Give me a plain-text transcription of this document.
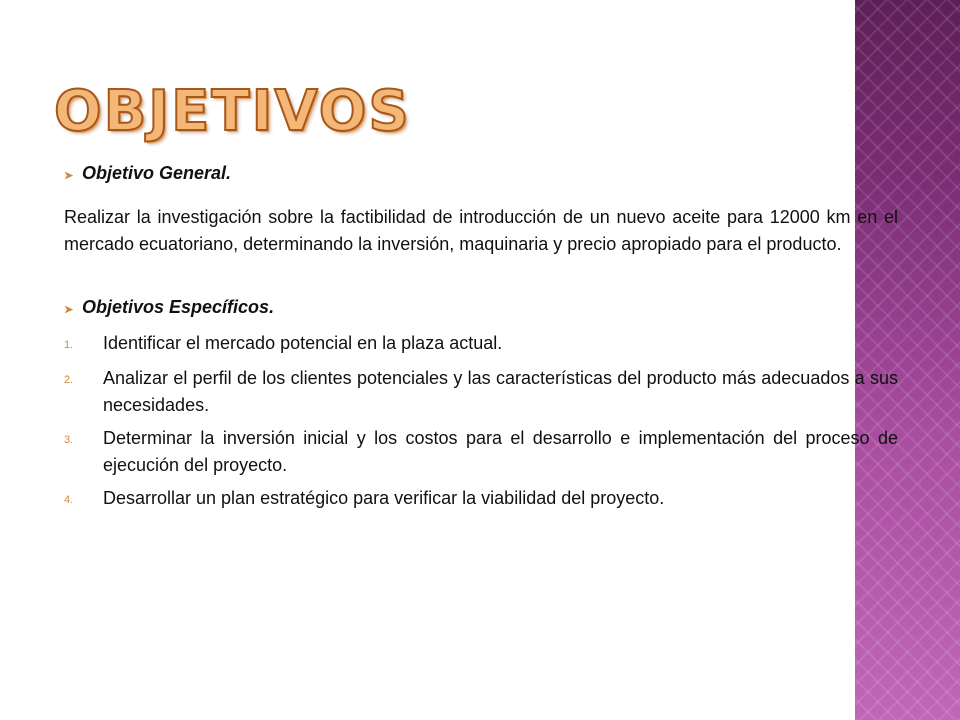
OBJETIVOS
➤ Objetivo General.

Realizar la investigación sobre la factibilidad de introducción de un nuevo aceite para 12000 km en el mercado ecuatoriano, determinando la inversión, maquinaria y precio apropiado para el producto.

➤ Objetivos Específicos.
1.	Identificar el mercado potencial en la plaza actual.
2.	Analizar el perfil de los clientes potenciales y las características del producto más adecuados a sus necesidades.
3.	Determinar la inversión inicial y los costos para el desarrollo e implementación del proceso de ejecución del proyecto.
4.	Desarrollar un plan estratégico para verificar la viabilidad del proyecto.
